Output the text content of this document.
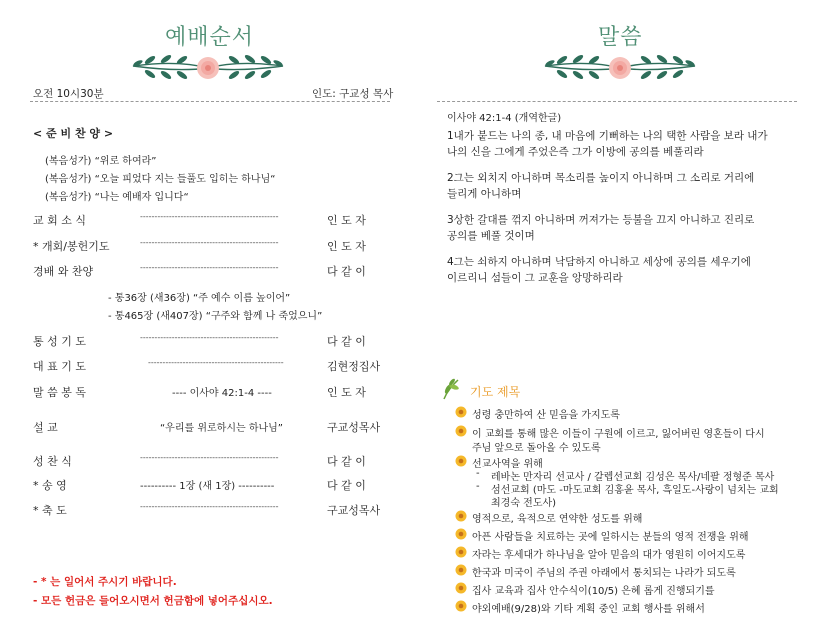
예배순서
오전 10시30분	인도: 구교성 목사
< 준 비 찬 양 >
(복음성가) “위로 하여라”
(복음성가) “오늘 피었다 지는 들풀도 입히는 하나님“
(복음성가) “나는 예배자 입니다“
교 회 소 식	------------------------------------------------	인 도 자
* 개회/봉헌기도	------------------------------------------------	인 도 자
경배 와 찬양	------------------------------------------------	다 같 이
- 통36장 (새36장) “주 예수 이름 높이어”
- 통465장 (새407장) “구주와 함께 나 죽었으니”
통 성 기 도	------------------------------------------------	다 같 이
대 표 기 도	-----------------------------------------------	김현정집사
말 씀 봉 독	---- 이사야 42:1-4 ----	인 도 자
설 교	“우리를 위로하시는 하나님”	구교성목사
성 찬 식	------------------------------------------------	다 같 이
* 송 영	---------- 1장 (새 1장) ----------	다 같 이
* 축 도	------------------------------------------------	구교성목사
- * 는 일어서 주시기 바랍니다.
- 모든 헌금은 들어오시면서 헌금함에 넣어주십시오.
말씀
이사야 42:1-4 (개역한글)
1내가 붙드는 나의 종, 내 마음에 기뻐하는 나의 택한 사람을 보라 내가
나의 신을 그에게 주었은즉 그가 이방에 공의를 베풀리라
2그는 외치지 아니하며 목소리를 높이지 아니하며 그 소리로 거리에
들리게 아니하며
3상한 갈대를 꺾지 아니하며 꺼져가는 등불을 끄지 아니하고 진리로
공의를 베풀 것이며
4그는 쇠하지 아니하며 낙담하지 아니하고 세상에 공의를 세우기에
이르리니 섬들이 그 교훈을 앙망하리라
기도 제목
성령 충만하여 산 믿음을 가지도록
이 교회를 통해 많은 이들이 구원에 이르고, 잃어버린 영혼들이 다시
주님 앞으로 돌아올 수 있도록
선교사역을 위해
- 레바논 만자리 선교사 / 갈렙선교회 김성은 목사/네팔 정형준 목사
- 섬선교회 (마도 -마도교회 김홍윤 목사, 흑일도-사랑이 넘치는 교회
최경숙 전도사)
영적으로, 육적으로 연약한 성도를 위해
아픈 사람들을 치료하는 곳에 일하시는 분들의 영적 전쟁을 위해
자라는 후세대가 하나님을 알아 믿음의 대가 영원히 이어지도록
한국과 미국이 주님의 주권 아래에서 통치되는 나라가 되도록
집사 교육과 집사 안수식이(10/5) 은혜 롭게 진행되기를
야외예배(9/28)와 기타 계획 중인 교회 행사를 위해서
